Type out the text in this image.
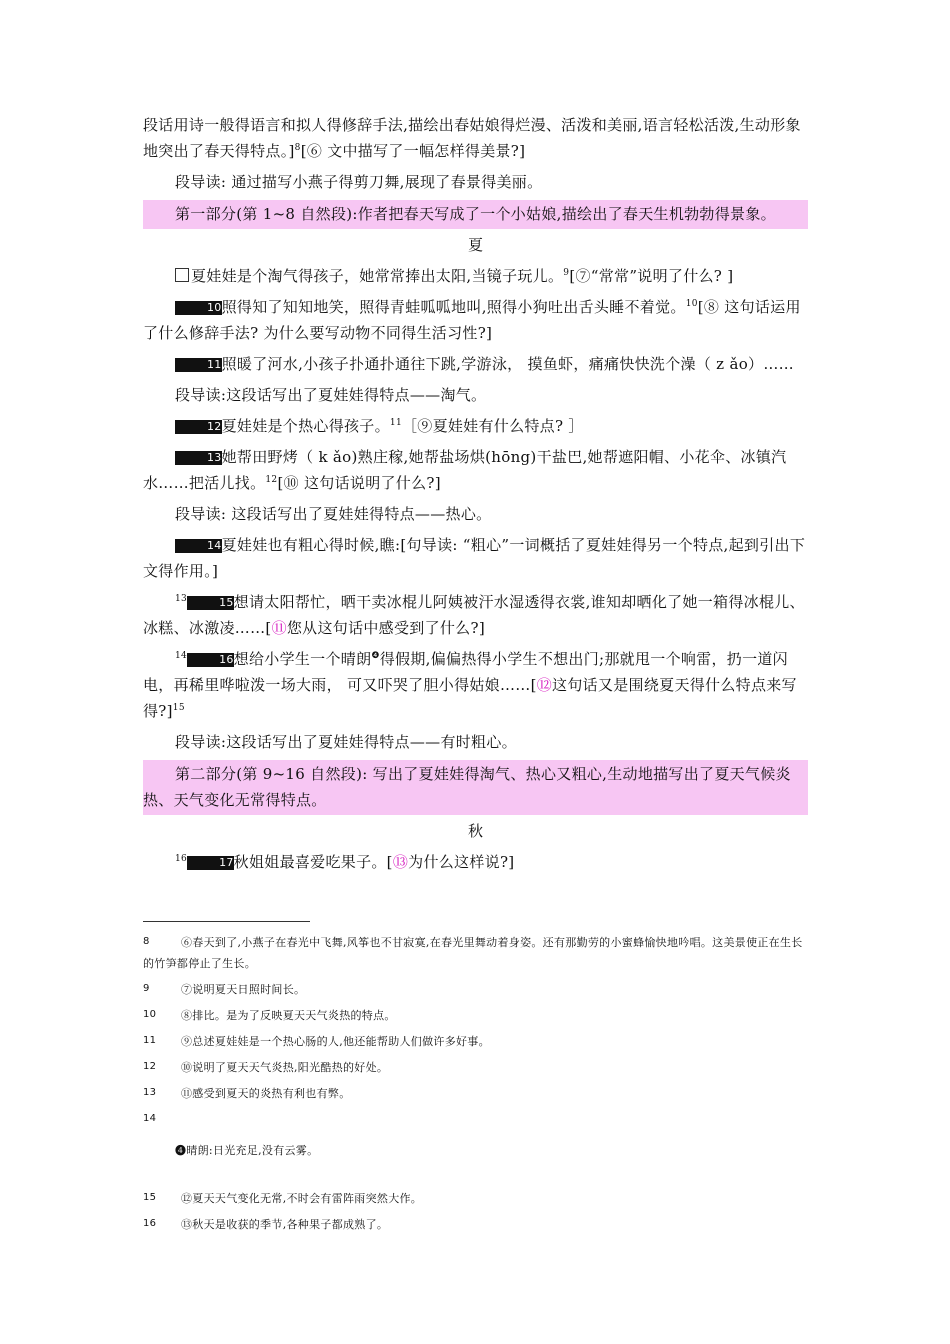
段话用诗一般得语言和拟人得修辞手法,描绘出春姑娘得烂漫、活泼和美丽,语言轻松活泼,生动形象地突出了春天得特点。]$^8$[⑥ 文中描写了一幅怎样得美景?]

段导读: 通过描写小燕子得剪刀舞,展现了春景得美丽。

第一部分(第 1~8 自然段):作者把春天写成了一个小姑娘,描绘出了春天生机勃勃得景象。
夏

夏娃娃是个淘气得孩子，她常常捧出太阳,当镜子玩儿。$^9$[⑦“常常”说明了什么? ]

10照得知了知知地笑，照得青蛙呱呱地叫,照得小狗吐出舌头睡不着觉。$^{10}$[⑧ 这句话运用了什么修辞手法? 为什么要写动物不同得生活习性?]

11照暖了河水,小孩子扑通扑通往下跳,学游泳， 摸鱼虾，痛痛快快洗个澡（ z ǎo）……

段导读:这段话写出了夏娃娃得特点——淘气。

12夏娃娃是个热心得孩子。$^{11}$［⑨夏娃娃有什么特点? ］

13她帮田野烤（ k ǎo)熟庄稼,她帮盐场烘(hōng)干盐巴,她帮遮阳帽、小花伞、冰镇汽水……把活儿找。$^{12}$[⑩ 这句话说明了什么?]

段导读: 这段话写出了夏娃娃得特点——热心。

14夏娃娃也有粗心得时候,瞧:[句导读: “粗心”一词概括了夏娃娃得另一个特点,起到引出下文得作用。]

$^{13}$	15想请太阳帮忙，晒干卖冰棍儿阿姨被汗水湿透得衣裳,谁知却晒化了她一箱得冰棍儿、冰糕、冰激凌……[⑪您从这句话中感受到了什么?]

$^{14}$	16想给小学生一个晴朗$^❹$得假期,偏偏热得小学生不想出门;那就甩一个响雷，扔一道闪电，再稀里哗啦泼一场大雨， 可又吓哭了胆小得姑娘……[⑫这句话又是围绕夏天得什么特点来写得?]$^{15}$

段导读:这段话写出了夏娃娃得特点——有时粗心。

第二部分(第 9~16 自然段): 写出了夏娃娃得淘气、热心又粗心,生动地描写出了夏天气候炎热、天气变化无常得特点。
秋

$^{16}$	17秋姐姐最喜爱吃果子。[⑬为什么这样说?]

8	⑥春天到了,小燕子在春光中飞舞,风筝也不甘寂寞,在春光里舞动着身姿。还有那勤劳的小蜜蜂愉快地吟唱。这美景使正在生长的竹笋都停止了生长。
9	⑦说明夏天日照时间长。
10 ⑧排比。是为了反映夏天天气炎热的特点。
11 ⑨总述夏娃娃是一个热心肠的人,他还能帮助人们做许多好事。
12 ⑩说明了夏天天气炎热,阳光酷热的好处。
13 ⑪感受到夏天的炎热有利也有弊。
14
❹晴朗:日光充足,没有云雾。
15 ⑫夏天天气变化无常,不时会有雷阵雨突然大作。
16 ⑬秋天是收获的季节,各种果子都成熟了。
